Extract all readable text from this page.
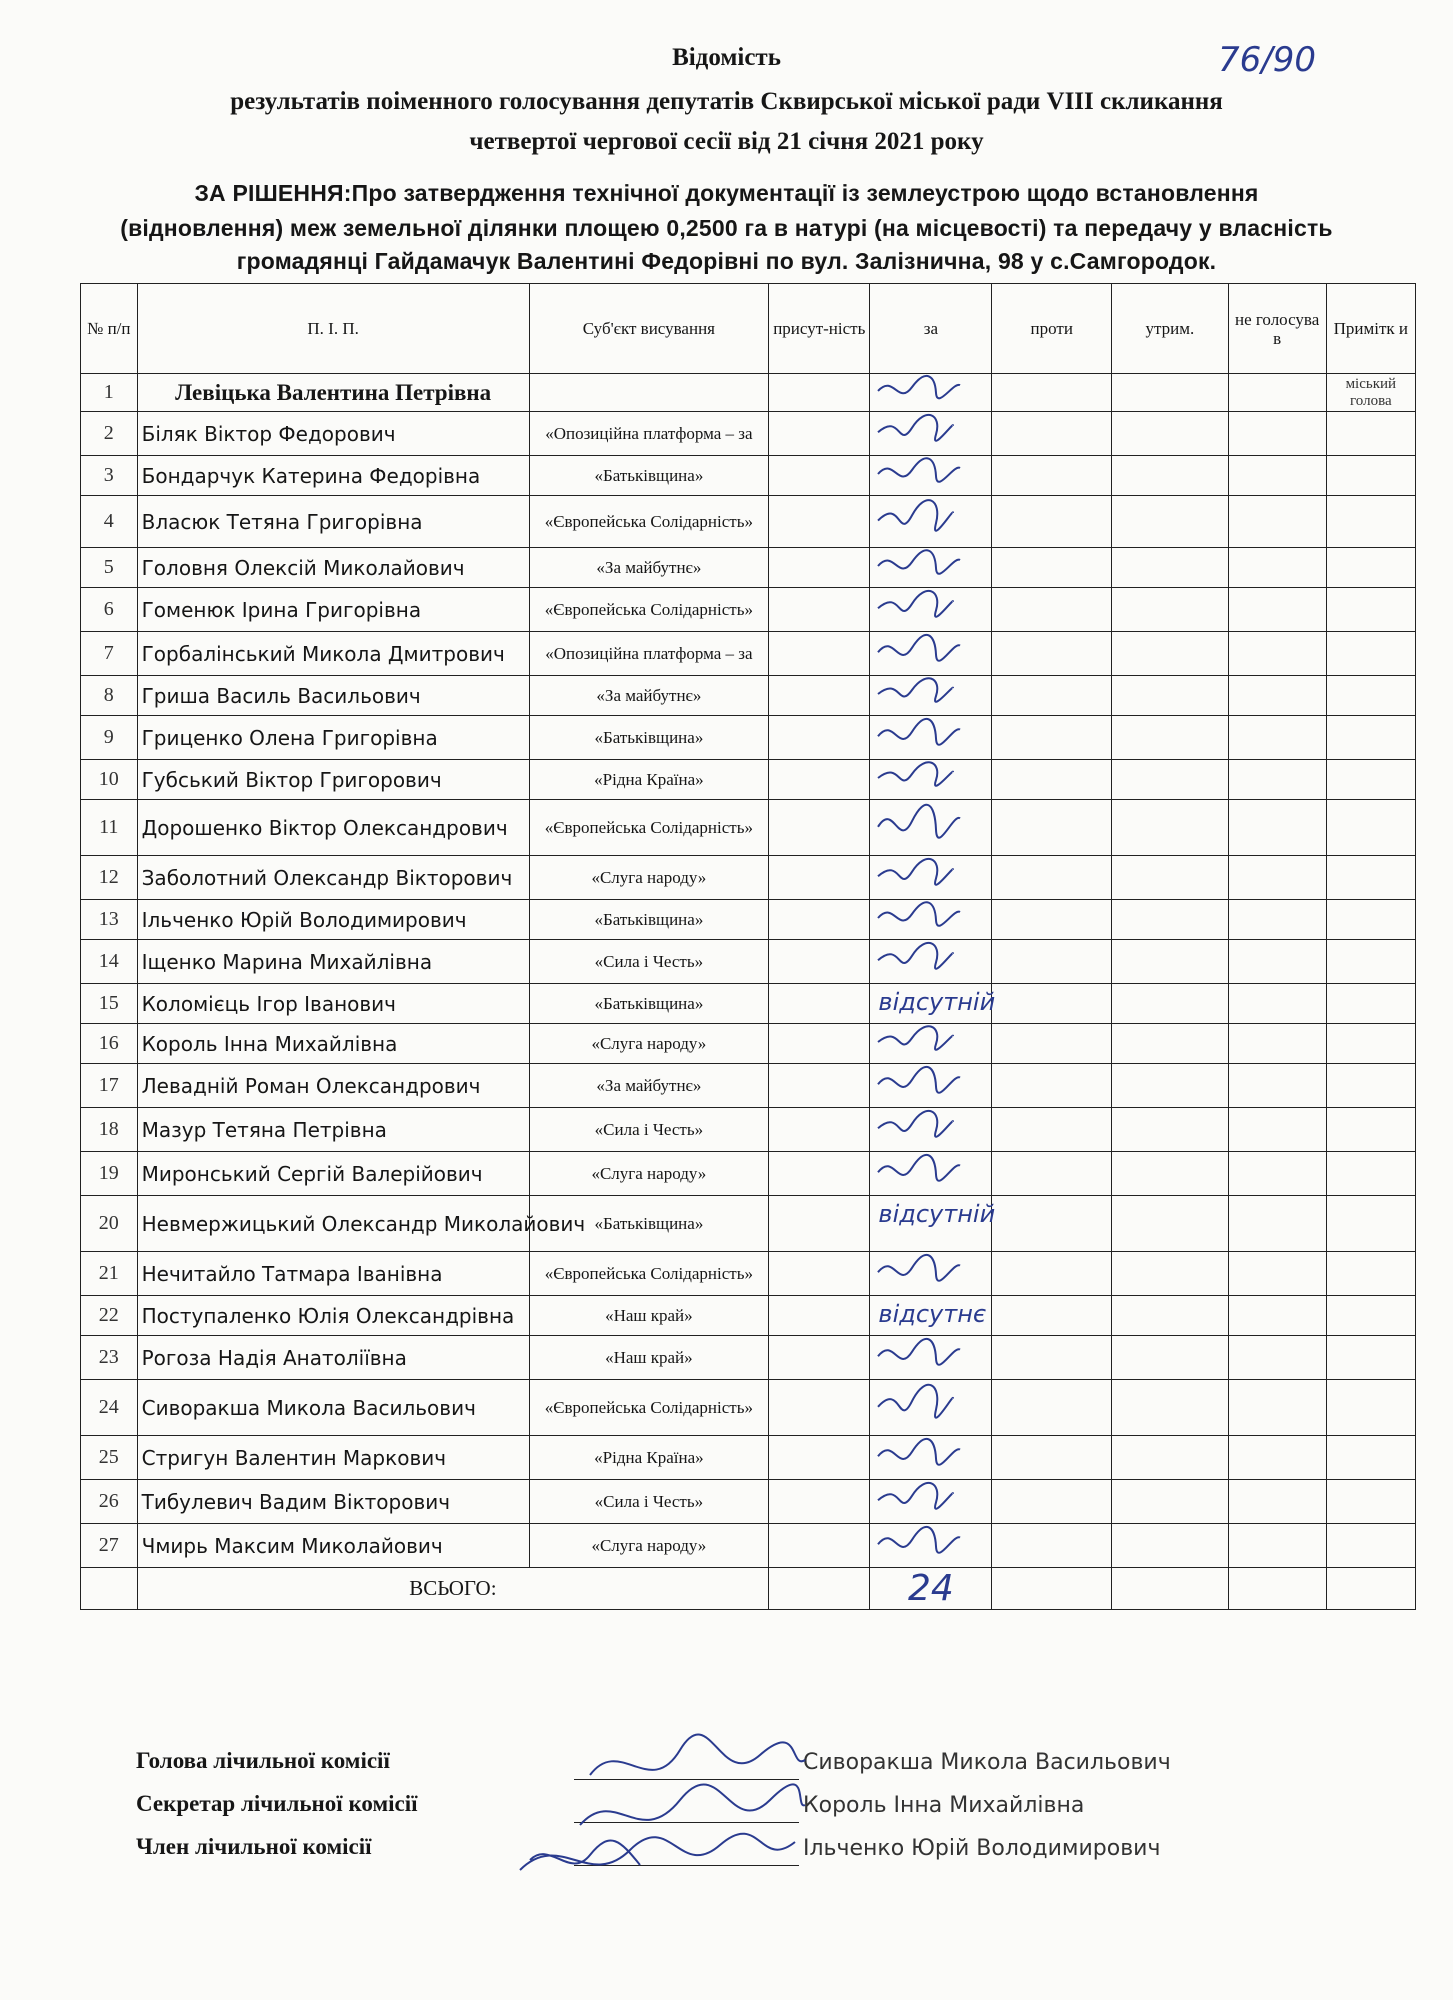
Відомість
результатів поіменного голосування депутатів Сквирської міської ради VIII скликання
четвертої чергової сесії від 21 січня 2021 року
76/90
ЗА РІШЕННЯ:Про затвердження технічної документації із землеустрою щодо встановлення
(відновлення) меж земельної ділянки площею 0,2500 га в натурі (на місцевості) та передачу у власність
громадянці Гайдамачук Валентині Федорівні по вул. Залізнична, 98 у с.Самгородок.
№ п/п	П. І. П.	Суб'єкт висування	присут-ність	за	проти	утрим.	не голосува в	Примітк и
1	Левіцька Валентина Петрівна							міський голова
2	Біляк Віктор Федорович	«Опозиційна платформа – за		

3	Бондарчук Катерина Федорівна	«Батьківщина»		

4	Власюк Тетяна Григорівна	«Європейська Солідарність»		

5	Головня Олексій Миколайович	«За майбутнє»		

6	Гоменюк Ірина Григорівна	«Європейська Солідарність»		

7	Горбалінський Микола Дмитрович	«Опозиційна платформа – за		

8	Гриша Василь Васильович	«За майбутнє»		

9	Гриценко Олена Григорівна	«Батьківщина»		

10	Губський Віктор Григорович	«Рідна Країна»		

11	Дорошенко Віктор Олександрович	«Європейська Солідарність»		

12	Заболотний Олександр Вікторович	«Слуга народу»		

13	Ільченко Юрій Володимирович	«Батьківщина»		

14	Іщенко Марина Михайлівна	«Сила і Честь»		

15	Коломієць Ігор Іванович	«Батьківщина»		відсутній				

16	Король Інна Михайлівна	«Слуга народу»		

17	Левадній Роман Олександрович	«За майбутнє»		

18	Мазур Тетяна Петрівна	«Сила і Честь»		

19	Миронський Сергій Валерійович	«Слуга народу»		

20	Невмержицький Олександр Миколайович	«Батьківщина»		відсутній				

21	Нечитайло Татмара Іванівна	«Європейська Солідарність»		

22	Поступаленко Юлія Олександрівна	«Наш край»		відсутнє				

23	Рогоза Надія Анатоліївна	«Наш край»		

24	Сиворакша Микола Васильович	«Європейська Солідарність»		

25	Стригун Валентин Маркович	«Рідна Країна»		

26	Тибулевич Вадим Вікторович	«Сила і Честь»		

27	Чмирь Максим Миколайович	«Слуга народу»		

	ВСЬОГО:			24				
Голова лічильної комісії	Сиворакша Микола Васильович
Секретар лічильної комісії	Король Інна Михайлівна
Член лічильної комісії	Ільченко Юрій Володимирович
